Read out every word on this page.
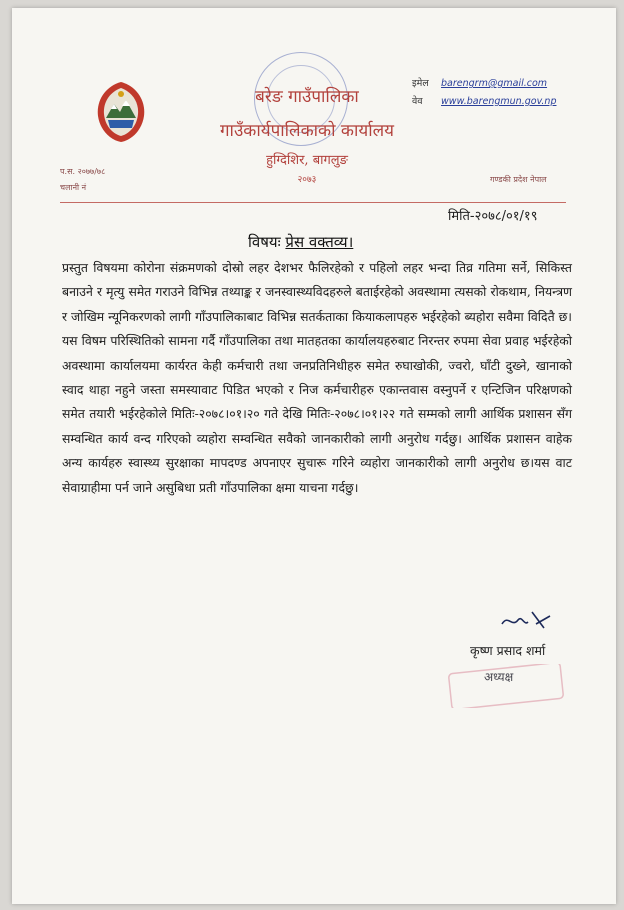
बरेङ गाउँपालिका
गाउँकार्यपालिकाको कार्यालय
हुग्दिशिर, बागलुङ
२०७३
इमेल barengrm@gmail.com
वेव www.barengmun.gov.np
प.स. २०७७/७८
चलानी नं
गण्डकी प्रदेश नेपाल
मिति-२०७८/०१/१९
विषयः प्रेस वक्तव्य।

प्रस्तुत विषयमा कोरोना संक्रमणको दोस्रो लहर देशभर फैलिरहेको र पहिलो लहर भन्दा तिव्र गतिमा सर्ने, सिकिस्त बनाउने र मृत्यु समेत गराउने विभिन्न तथ्याङ्क र जनस्वास्थ्यविदहरुले बताईरहेको अवस्थामा त्यसको रोकथाम, नियन्त्रण र जोखिम न्यूनिकरणको लागी गाँउपालिकाबाट विभिन्न सतर्कताका कियाकलापहरु भईरहेको ब्यहोरा सवैमा विदितै छ। यस विषम परिस्थितिको सामना गर्दै गाँउपालिका तथा मातहतका कार्यालयहरुबाट निरन्तर रुपमा सेवा प्रवाह भईरहेको अवस्थामा कार्यालयमा कार्यरत केही कर्मचारी तथा जनप्रतिनिधीहरु समेत रुघाखोकी, ज्वरो, घाँटी दुख्ने, खानाको स्वाद थाहा नहुने जस्ता समस्यावाट पिडित भएको र निज कर्मचारीहरु एकान्तवास वस्नुपर्ने र एन्टिजिन परिक्षणको समेत तयारी भईरहेकोले मितिः-२०७८।०१।२० गते देखि मितिः-२०७८।०१।२२ गते सम्मको लागी आर्थिक प्रशासन सँग सम्वन्धित कार्य वन्द गरिएको व्यहोरा सम्वन्धित सवैको जानकारीको लागी अनुरोध गर्दछु। आर्थिक प्रशासन वाहेक अन्य कार्यहरु स्वास्थ्य सुरक्षाका मापदण्ड अपनाएर सुचारू गरिने व्यहोरा जानकारीको लागी अनुरोध छ।यस वाट सेवाग्राहीमा पर्न जाने असुबिधा प्रती गाँउपालिका क्षमा याचना गर्दछु।

कृष्ण प्रसाद शर्मा
अध्यक्ष
